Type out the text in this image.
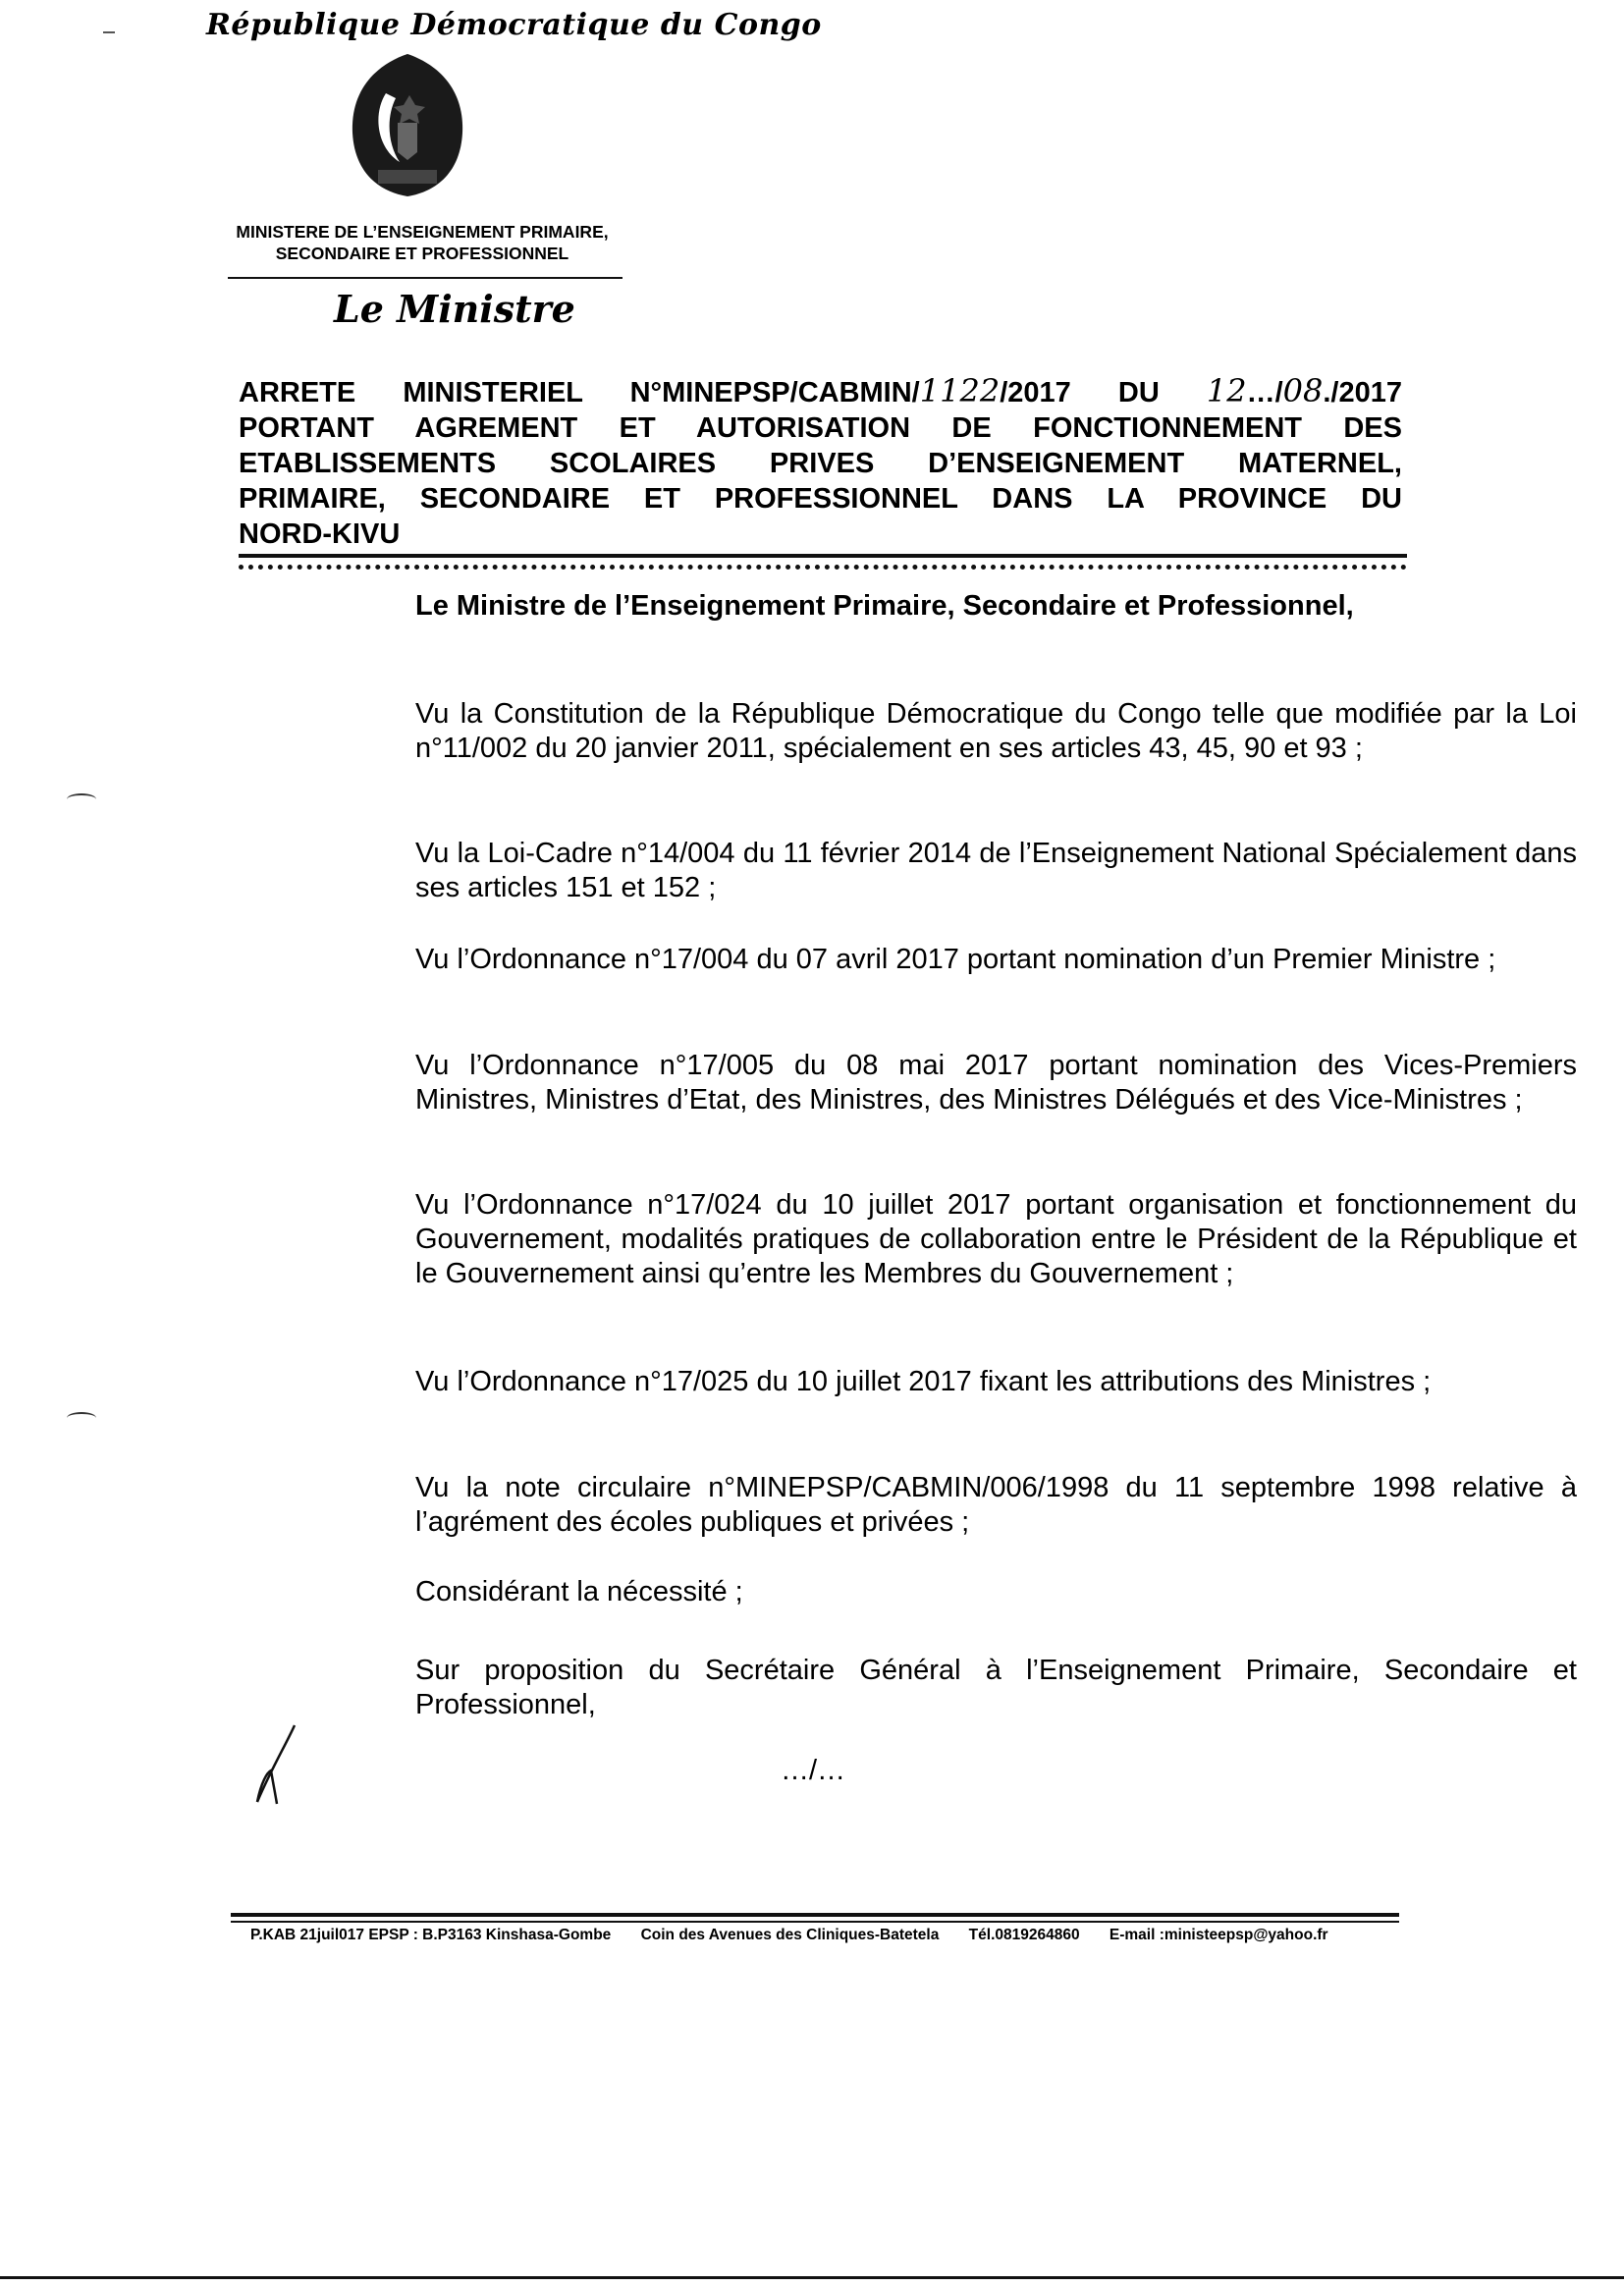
République Démocratique du Congo
MINISTERE DE L’ENSEIGNEMENT PRIMAIRE,
SECONDAIRE ET PROFESSIONNEL
Le Ministre
ARRETE MINISTERIEL N°MINEPSP/CABMIN/1122/2017 DU 12…/08./2017
PORTANT AGREMENT ET AUTORISATION DE FONCTIONNEMENT DES
ETABLISSEMENTS SCOLAIRES PRIVES D’ENSEIGNEMENT MATERNEL,
PRIMAIRE, SECONDAIRE ET PROFESSIONNEL DANS LA PROVINCE DU
NORD-KIVU
Le Ministre de l’Enseignement Primaire, Secondaire et Professionnel,
Vu la Constitution de la République Démocratique du Congo telle que modifiée par la Loi n°11/002 du 20 janvier 2011, spécialement en ses articles 43, 45, 90 et 93 ;
Vu la Loi-Cadre n°14/004 du 11 février 2014 de l’Enseignement National Spécialement dans ses articles 151 et 152 ;
Vu l’Ordonnance n°17/004 du 07 avril 2017 portant nomination d’un Premier Ministre ;
Vu l’Ordonnance n°17/005 du 08 mai 2017 portant nomination des Vices-Premiers Ministres, Ministres d’Etat, des Ministres, des Ministres Délégués et des Vice-Ministres ;
Vu l’Ordonnance n°17/024 du 10 juillet 2017 portant organisation et fonctionnement du Gouvernement, modalités pratiques de collaboration entre le Président de la République et le Gouvernement ainsi qu’entre les Membres du Gouvernement ;
Vu l’Ordonnance n°17/025 du 10 juillet 2017 fixant les attributions des Ministres ;
Vu la note circulaire n°MINEPSP/CABMIN/006/1998 du 11 septembre 1998 relative à l’agrément des écoles publiques et privées ;
Considérant la nécessité ;
Sur proposition du Secrétaire Général à l’Enseignement Primaire, Secondaire et Professionnel,
…/…
P.KAB 21juil017 EPSP : B.P3163 Kinshasa-Gombe Coin des Avenues des Cliniques-Batetela Tél.0819264860 E-mail :ministeepsp@yahoo.fr
